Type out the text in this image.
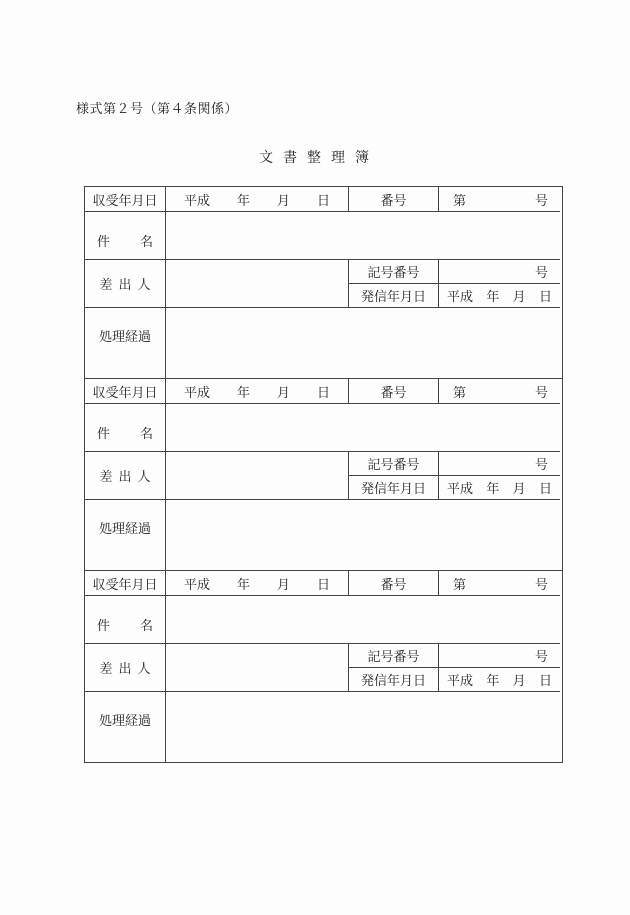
様式第２号（第４条関係）
文書整理簿
収受年月日	平成 年 月 日	番号	第	号
件 名
差出人
記号番号	号
発信年月日	平成 年 月 日
処理経過
収受年月日	平成 年 月 日	番号	第	号
件 名
差出人
記号番号	号
発信年月日	平成 年 月 日
処理経過
収受年月日	平成 年 月 日	番号	第	号
件 名
差出人
記号番号	号
発信年月日	平成 年 月 日
処理経過
